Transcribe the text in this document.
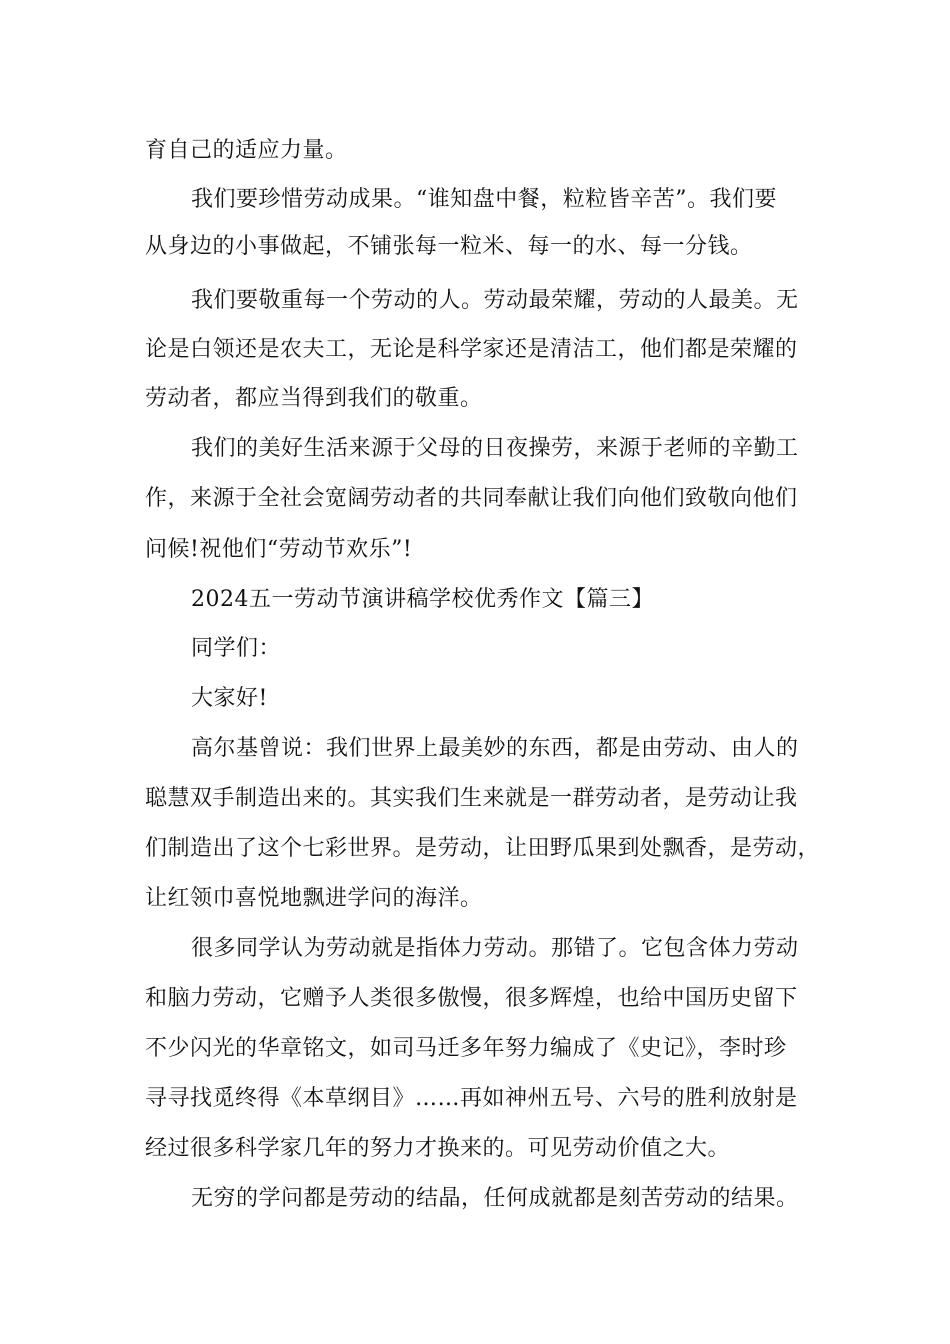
育自己的适应力量。

我们要珍惜劳动成果。“谁知盘中餐，粒粒皆辛苦”。我们要

从身边的小事做起，不铺张每一粒米、每一的水、每一分钱。

我们要敬重每一个劳动的人。劳动最荣耀，劳动的人最美。无

论是白领还是农夫工，无论是科学家还是清洁工，他们都是荣耀的

劳动者，都应当得到我们的敬重。

我们的美好生活来源于父母的日夜操劳，来源于老师的辛勤工

作，来源于全社会宽阔劳动者的共同奉献让我们向他们致敬向他们

问候!祝他们“劳动节欢乐”!

2024五一劳动节演讲稿学校优秀作文【篇三】

同学们：

大家好!

高尔基曾说：我们世界上最美妙的东西，都是由劳动、由人的

聪慧双手制造出来的。其实我们生来就是一群劳动者，是劳动让我

们制造出了这个七彩世界。是劳动，让田野瓜果到处飘香，是劳动，

让红领巾喜悦地飘进学问的海洋。

很多同学认为劳动就是指体力劳动。那错了。它包含体力劳动

和脑力劳动，它赠予人类很多傲慢，很多辉煌，也给中国历史留下

不少闪光的华章铭文，如司马迁多年努力编成了《史记》，李时珍

寻寻找觅终得《本草纲目》……再如神州五号、六号的胜利放射是

经过很多科学家几年的努力才换来的。可见劳动价值之大。

无穷的学问都是劳动的结晶，任何成就都是刻苦劳动的结果。
